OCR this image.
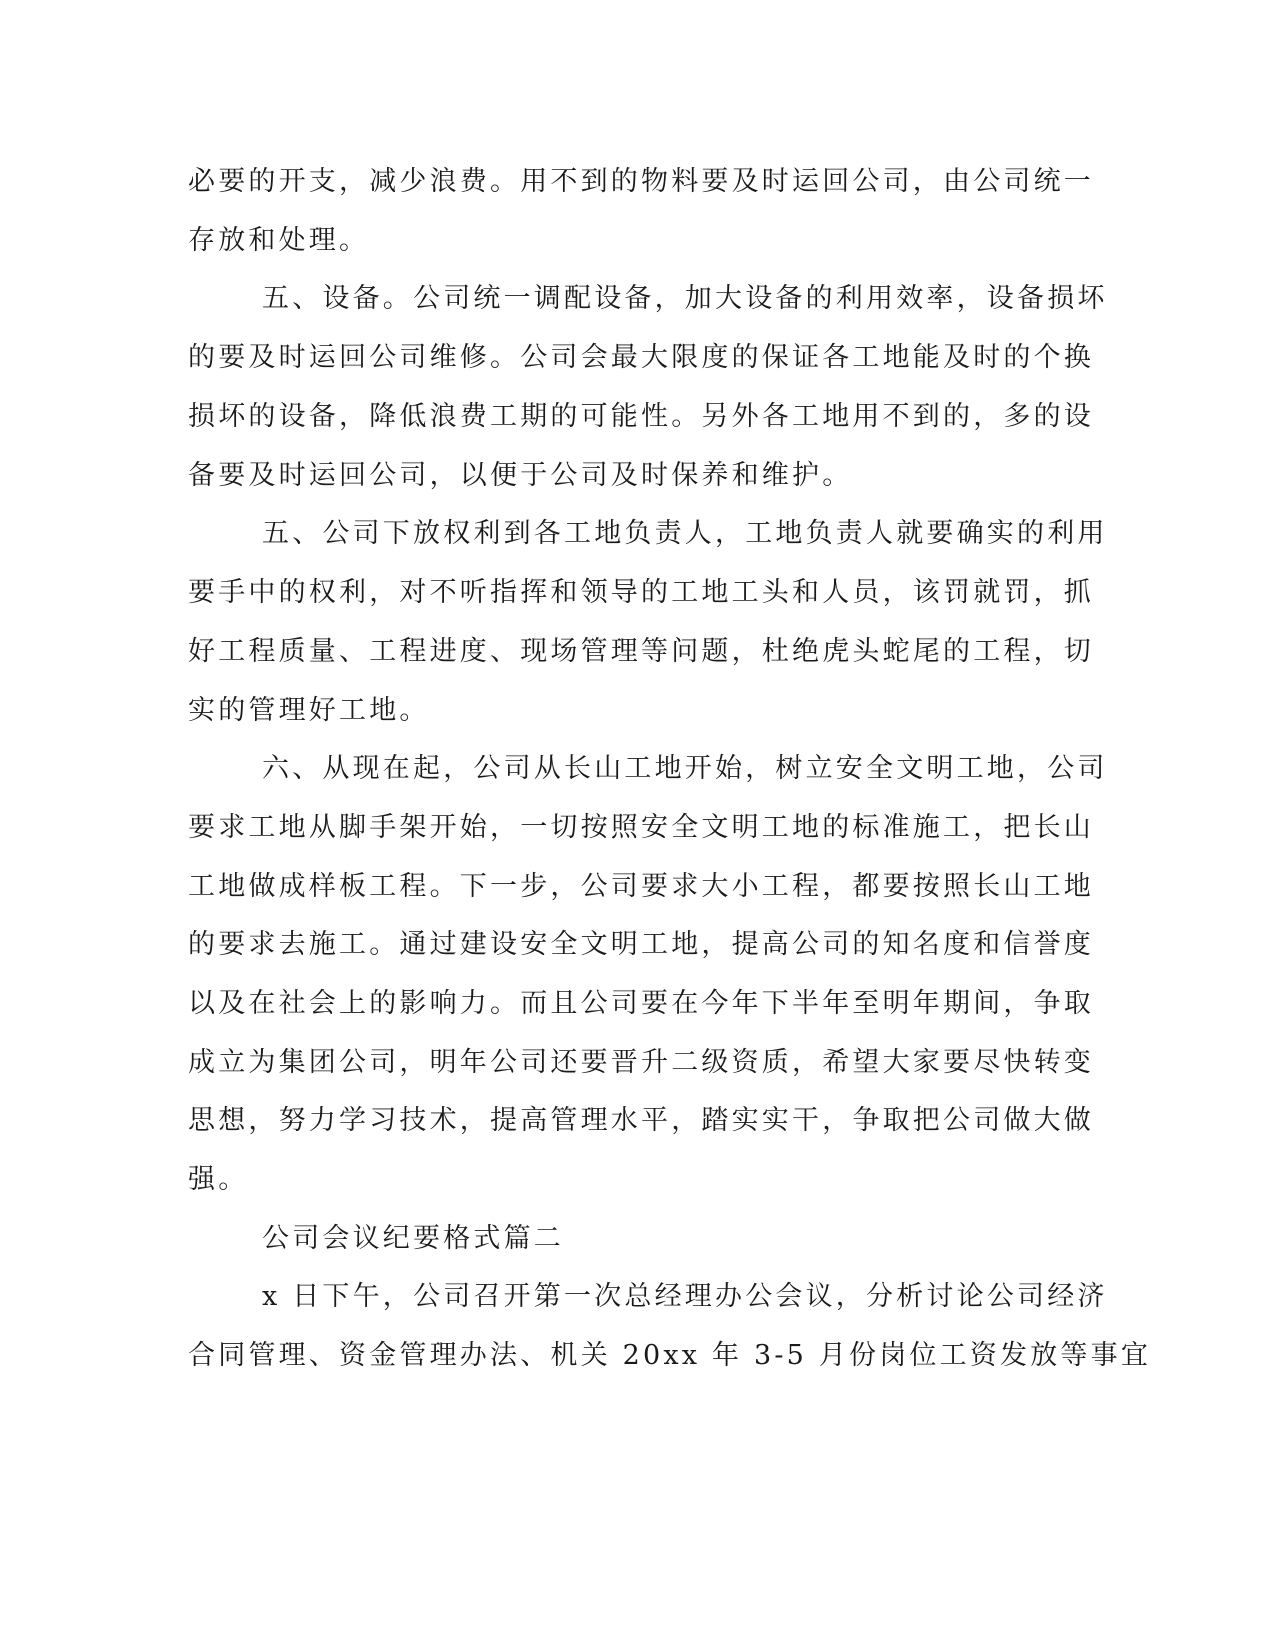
必要的开支，减少浪费。用不到的物料要及时运回公司，由公司统一
存放和处理。
五、设备。公司统一调配设备，加大设备的利用效率，设备损坏
的要及时运回公司维修。公司会最大限度的保证各工地能及时的个换
损坏的设备，降低浪费工期的可能性。另外各工地用不到的，多的设
备要及时运回公司，以便于公司及时保养和维护。
五、公司下放权利到各工地负责人，工地负责人就要确实的利用
要手中的权利，对不听指挥和领导的工地工头和人员，该罚就罚，抓
好工程质量、工程进度、现场管理等问题，杜绝虎头蛇尾的工程，切
实的管理好工地。
六、从现在起，公司从长山工地开始，树立安全文明工地，公司
要求工地从脚手架开始，一切按照安全文明工地的标准施工，把长山
工地做成样板工程。下一步，公司要求大小工程，都要按照长山工地
的要求去施工。通过建设安全文明工地，提高公司的知名度和信誉度
以及在社会上的影响力。而且公司要在今年下半年至明年期间，争取
成立为集团公司，明年公司还要晋升二级资质，希望大家要尽快转变
思想，努力学习技术，提高管理水平，踏实实干，争取把公司做大做
强。
公司会议纪要格式篇二
x 日下午，公司召开第一次总经理办公会议，分析讨论公司经济
合同管理、资金管理办法、机关 20xx 年 3-5 月份岗位工资发放等事宜
